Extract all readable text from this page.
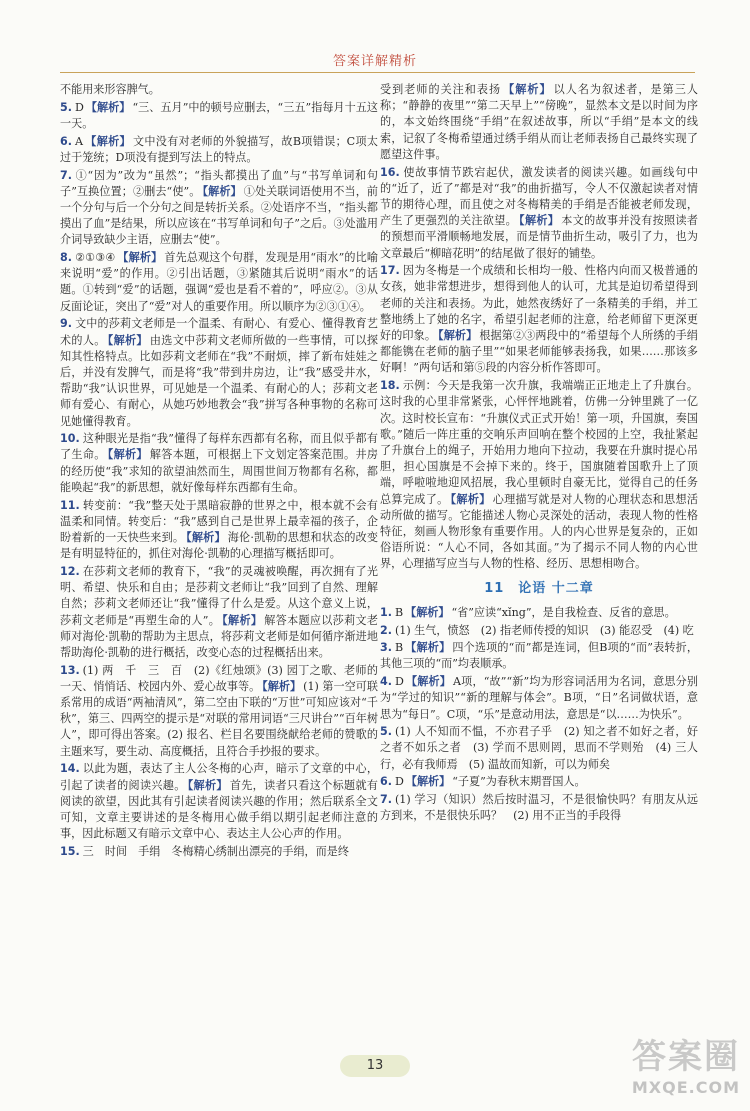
答案详解精析
不能用来形容脾气。
5. D 【解析】 “三、五月”中的顿号应删去，“三五”指每月十五这一天。
6. A 【解析】 文中没有对老师的外貌描写，故B项错误；C项太过于笼统；D项没有提到写法上的特点。
7. ①“因为”改为“虽然”；“指头都摸出了血”与“书写单词和句子”互换位置；②删去“使”。 【解析】 ①处关联词语使用不当，前一个分句与后一个分句之间是转折关系。②处语序不当，“指头都摸出了血”是结果，所以应该在“书写单词和句子”之后。③处滥用介词导致缺少主语，应删去“使”。
8. ②①③④ 【解析】 首先总观这个句群，发现是用“雨水”的比喻来说明“爱”的作用。②引出话题，③紧随其后说明“雨水”的话题。①转到“爱”的话题，强调“爱也是看不着的”，呼应②。③从反面论证，突出了“爱”对人的重要作用。所以顺序为②③①④。
9. 文中的莎莉文老师是一个温柔、有耐心、有爱心、懂得教育艺术的人。 【解析】 由选文中莎莉文老师所做的一些事情，可以探知其性格特点。比如莎莉文老师在“我”不耐烦，摔了新布娃娃之后，并没有发脾气，而是将“我”带到井房边，让“我”感受井水，帮助“我”认识世界，可见她是一个温柔、有耐心的人；莎莉文老师有爱心、有耐心，从她巧妙地教会“我”拼写各种事物的名称可见她懂得教育。
10. 这种眼光是指“我”懂得了每样东西都有名称，而且似乎都有了生命。 【解析】 解答本题，可根据上下文划定答案范围。井房的经历使“我”求知的欲望油然而生，周围世间万物都有名称，都能唤起“我”的新思想，就好像每样东西都有生命。
11. 转变前：“我”整天处于黑暗寂静的世界之中，根本就不会有温柔和同情。转变后：“我”感到自己是世界上最幸福的孩子，企盼着新的一天快些来到。 【解析】 海伦·凯勒的思想和状态的改变是有明显特征的，抓住对海伦·凯勒的心理描写概括即可。
12. 在莎莉文老师的教育下，“我”的灵魂被唤醒，再次拥有了光明、希望、快乐和自由；是莎莉文老师让“我”回到了自然、理解自然；莎莉文老师还让“我”懂得了什么是爱。从这个意义上说，莎莉文老师是“再塑生命的人”。 【解析】 解答本题应以莎莉文老师对海伦·凯勒的帮助为主思点，将莎莉文老师是如何循序渐进地帮助海伦·凯勒的进行概括，改变心态的过程概括出来。
13. (1) 两　千　三　百　(2)《红烛颂》(3) 园丁之歌、老师的一天、悄悄话、校园内外、爱心故事等。 【解析】 (1) 第一空可联系常用的成语“两袖清风”，第二空由下联的“万世”可知应该对“千秋”，第三、四两空的提示是“对联的常用词语“三尺讲台”“百年树人”，即可得出答案。(2) 报名、栏目名要围绕献给老师的赞歌的主题来写，要生动、高度概括，且符合手抄报的要求。
14. 以此为题，表达了主人公冬梅的心声，暗示了文章的中心，引起了读者的阅读兴趣。 【解析】 首先，读者只看这个标题就有阅读的欲望，因此其有引起读者阅读兴趣的作用；然后联系全文可知，文章主要讲述的是冬梅用心做手绢以期引起老师注意的事，因此标题又有暗示文章中心、表达主人公心声的作用。
15. 三　时间　手绢　冬梅精心绣制出漂亮的手绢，而是终
受到老师的关注和表扬 【解析】 以人名为叙述者，是第三人称；“静静的夜里”“第二天早上”“傍晚”，显然本文是以时间为序的，本文始终围绕“手绢”在叙述故事，所以“手绢”是本文的线索，记叙了冬梅希望通过绣手绢从而让老师表扬自己最终实现了愿望这件事。
16. 使故事情节跌宕起伏，激发读者的阅读兴趣。如画线句中的“近了，近了”都是对“我”的曲折描写，令人不仅激起读者对情节的期待心理，而且使之对冬梅精美的手绢是否能被老师发现，产生了更强烈的关注欲望。 【解析】 本文的故事并没有按照读者的预想而平滑顺畅地发展，而是情节曲折生动，吸引了力，也为文章最后“柳暗花明”的结尾做了很好的铺垫。
17. 因为冬梅是一个成绩和长相均一般、性格内向而又极普通的女孩，她非常想进步，想得到他人的认可，尤其是迫切希望得到老师的关注和表扬。为此，她然夜绣好了一条精美的手绢，并工整地绣上了她的名字，希望引起老师的注意，给老师留下更深更好的印象。 【解析】 根据第②③两段中的“希望每个人所绣的手绢都能镌在老师的脑子里”“如果老师能够表扬我，如果……那该多好啊！”两句话和第⑤段的内容分析作答即可。
18. 示例：今天是我第一次升旗，我端端正正地走上了升旗台。这时我的心里非常紧张，心怦怦地跳着，仿佛一分钟里跳了一亿次。这时校长宣布：“升旗仪式正式开始！第一项，升国旗，奏国歌。”随后一阵庄重的交响乐声回响在整个校园的上空，我扯紧起了升旗台上的绳子，开始用力地向下拉动，我要在升旗时提心吊胆，担心国旗是不会掉下来的。终于，国旗随着国歌升上了顶端，呼啦啦地迎风招展，我心里顿时自豪无比，觉得自己的任务总算完成了。 【解析】 心理描写就是对人物的心理状态和思想活动所做的描写。它能描述人物心灵深处的活动，表现人物的性格特征，刻画人物形象有重要作用。人的内心世界是复杂的，正如俗语所说：“人心不同，各如其面。”为了揭示不同人物的内心世界，心理描写应当与人物的性格、经历、思想相吻合。
11　论语 十二章
1. B 【解析】 “省”应读“xǐng”，是自我检查、反省的意思。
2. (1) 生气，愤怒　(2) 指老师传授的知识　(3) 能忍受　(4) 吃
3. B 【解析】 四个选项的“而”都是连词，但B项的“而”表转折，其他三项的“而”均表顺承。
4. D 【解析】 A项，“故”“新”均为形容词活用为名词，意思分别为“学过的知识”“新的理解与体会”。B项，“日”名词做状语，意思为“每日”。C项，“乐”是意动用法，意思是“以……为快乐”。
5. (1) 人不知而不愠，不亦君子乎　(2) 知之者不如好之者，好之者不如乐之者　(3) 学而不思则罔，思而不学则殆　(4) 三人行，必有我师焉　(5) 温故而知新，可以为师矣
6. D 【解析】 “子夏”为春秋末期晋国人。
7. (1) 学习（知识）然后按时温习，不是很愉快吗？有朋友从远方到来，不是很快乐吗？　(2) 用不正当的手段得
13	答案圈
MXQE.COM
